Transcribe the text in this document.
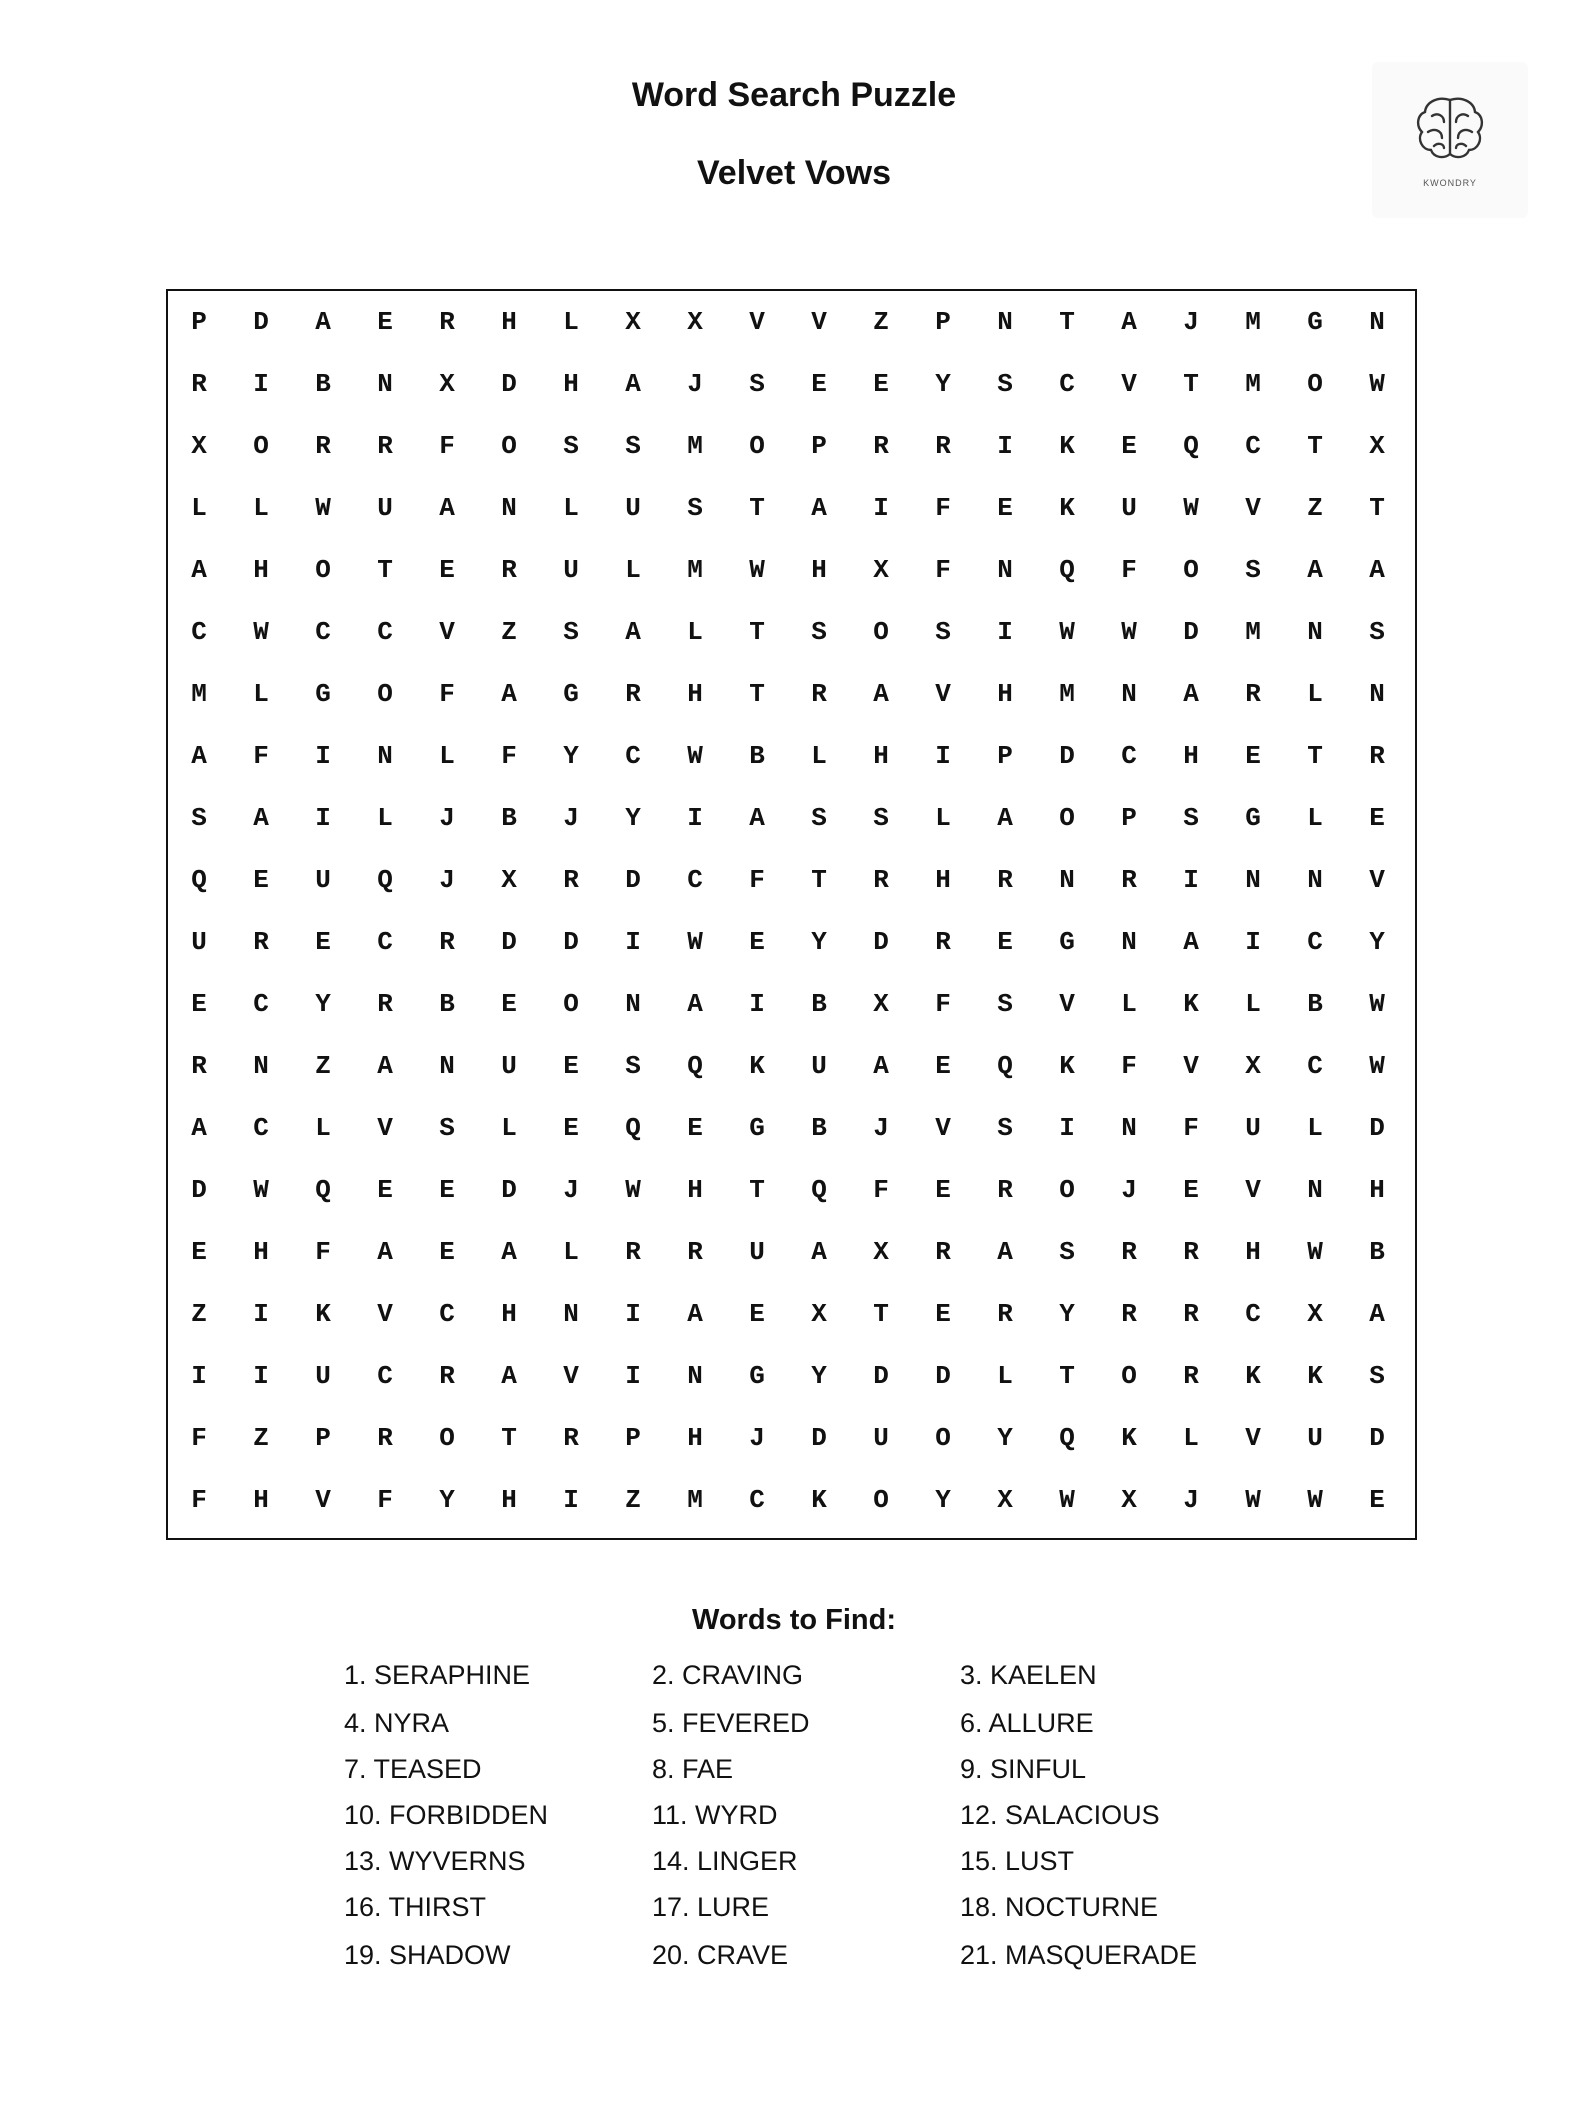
Word Search Puzzle
Velvet Vows	KWONDRY
P	D	A	E	R	H	L	X	X	V	V	Z	P	N	T	A	J	M	G	N
R	I	B	N	X	D	H	A	J	S	E	E	Y	S	C	V	T	M	O	W
X	O	R	R	F	O	S	S	M	O	P	R	R	I	K	E	Q	C	T	X
L	L	W	U	A	N	L	U	S	T	A	I	F	E	K	U	W	V	Z	T
A	H	O	T	E	R	U	L	M	W	H	X	F	N	Q	F	O	S	A	A
C	W	C	C	V	Z	S	A	L	T	S	O	S	I	W	W	D	M	N	S
M	L	G	O	F	A	G	R	H	T	R	A	V	H	M	N	A	R	L	N
A	F	I	N	L	F	Y	C	W	B	L	H	I	P	D	C	H	E	T	R
S	A	I	L	J	B	J	Y	I	A	S	S	L	A	O	P	S	G	L	E
Q	E	U	Q	J	X	R	D	C	F	T	R	H	R	N	R	I	N	N	V
U	R	E	C	R	D	D	I	W	E	Y	D	R	E	G	N	A	I	C	Y
E	C	Y	R	B	E	O	N	A	I	B	X	F	S	V	L	K	L	B	W
R	N	Z	A	N	U	E	S	Q	K	U	A	E	Q	K	F	V	X	C	W
A	C	L	V	S	L	E	Q	E	G	B	J	V	S	I	N	F	U	L	D
D	W	Q	E	E	D	J	W	H	T	Q	F	E	R	O	J	E	V	N	H
E	H	F	A	E	A	L	R	R	U	A	X	R	A	S	R	R	H	W	B
Z	I	K	V	C	H	N	I	A	E	X	T	E	R	Y	R	R	C	X	A
I	I	U	C	R	A	V	I	N	G	Y	D	D	L	T	O	R	K	K	S
F	Z	P	R	O	T	R	P	H	J	D	U	O	Y	Q	K	L	V	U	D
F	H	V	F	Y	H	I	Z	M	C	K	O	Y	X	W	X	J	W	W	E
Words to Find:
1. SERAPHINE	2. CRAVING	3. KAELEN
4. NYRA	5. FEVERED	6. ALLURE
7. TEASED	8. FAE	9. SINFUL
10. FORBIDDEN	11. WYRD	12. SALACIOUS
13. WYVERNS	14. LINGER	15. LUST
16. THIRST	17. LURE	18. NOCTURNE
19. SHADOW	20. CRAVE	21. MASQUERADE
